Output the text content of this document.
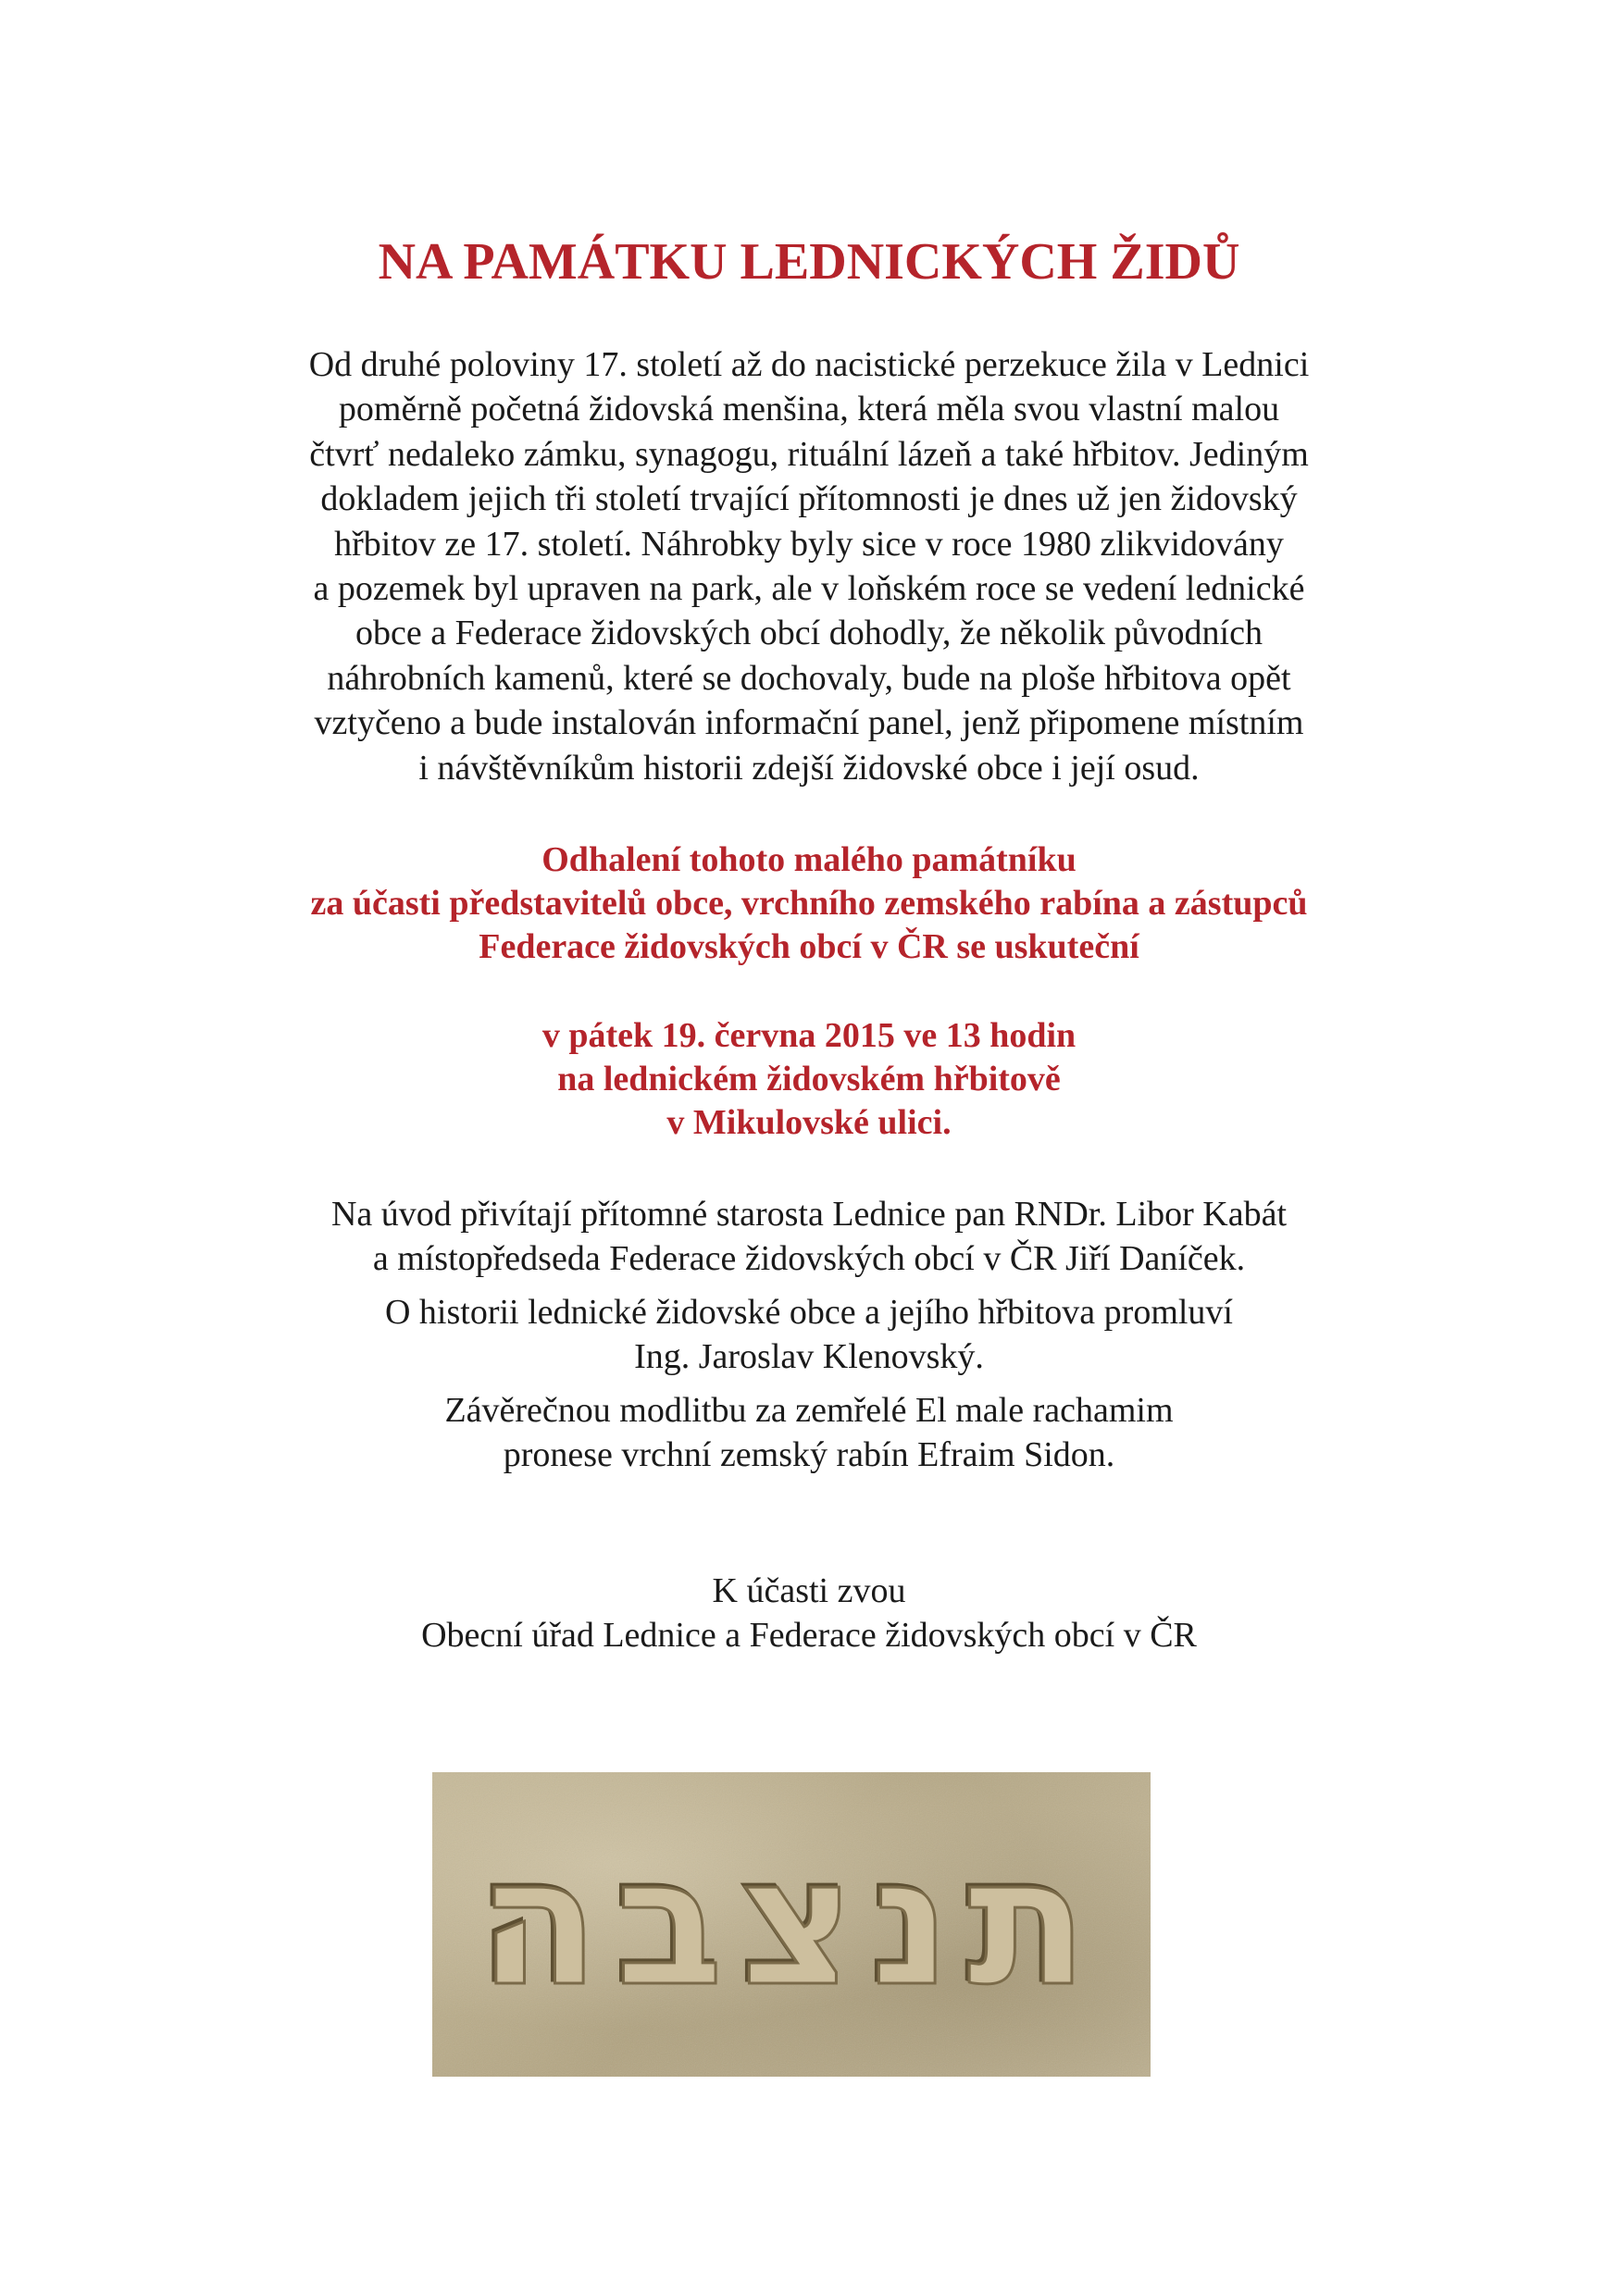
NA PAMÁTKU LEDNICKÝCH ŽIDŮ
Od druhé poloviny 17. století až do nacistické perzekuce žila v Lednici
poměrně početná židovská menšina, která měla svou vlastní malou
čtvrť nedaleko zámku, synagogu, rituální lázeň a také hřbitov. Jediným
dokladem jejich tři století trvající přítomnosti je dnes už jen židovský
hřbitov ze 17. století. Náhrobky byly sice v roce 1980 zlikvidovány
a pozemek byl upraven na park, ale v loňském roce se vedení lednické
obce a Federace židovských obcí dohodly, že několik původních
náhrobních kamenů, které se dochovaly, bude na ploše hřbitova opět
vztyčeno a bude instalován informační panel, jenž připomene místním
i návštěvníkům historii zdejší židovské obce i její osud.
Odhalení tohoto malého památníku
za účasti představitelů obce, vrchního zemského rabína a zástupců
Federace židovských obcí v ČR se uskuteční
v pátek 19. června 2015 ve 13 hodin
na lednickém židovském hřbitově
v Mikulovské ulici.
Na úvod přivítají přítomné starosta Lednice pan RNDr. Libor Kabát
a místopředseda Federace židovských obcí v ČR Jiří Daníček.
O historii lednické židovské obce a jejího hřbitova promluví
Ing. Jaroslav Klenovský.
Závěrečnou modlitbu za zemřelé El male rachamim
pronese vrchní zemský rabín Efraim Sidon.
K účasti zvou
Obecní úřad Lednice a Federace židovských obcí v ČR
תנצבה
